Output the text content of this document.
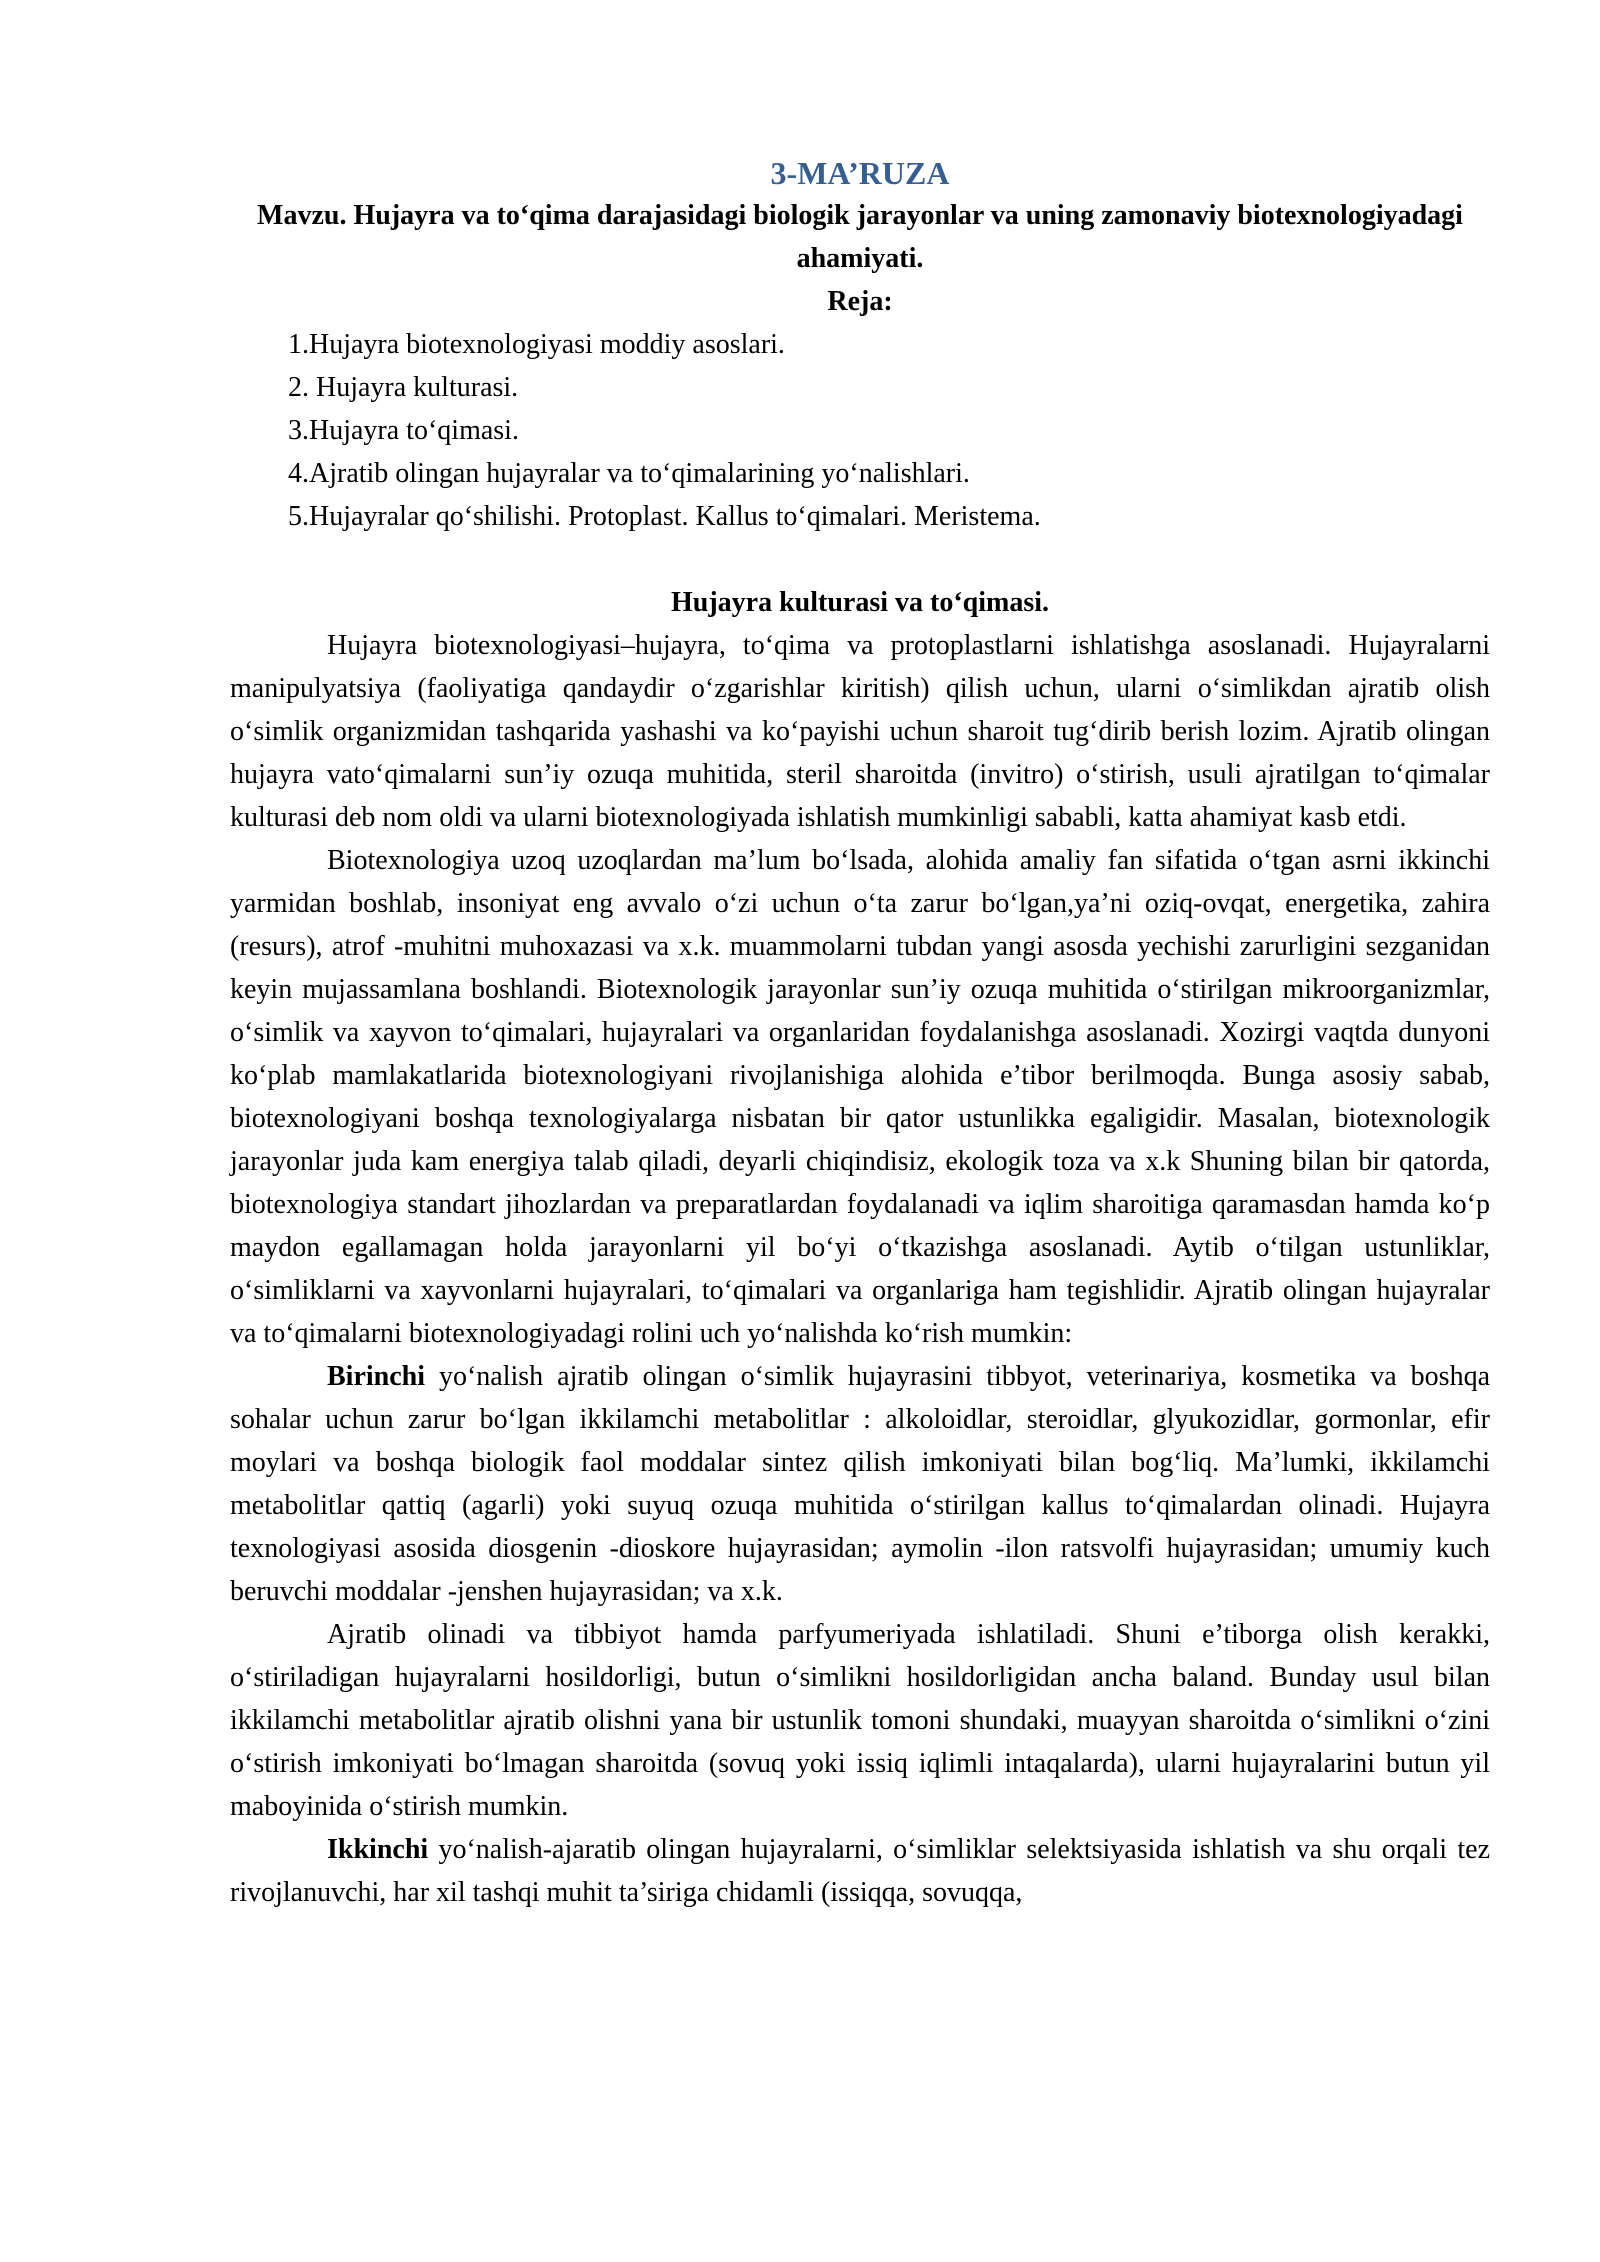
3-MA’RUZA

Mavzu. Hujayra va to‘qima darajasidagi biologik jarayonlar va uning zamonaviy biotexnologiyadagi ahamiyati.

Reja:

1.Hujayra biotexnologiyasi moddiy asoslari.
2. Hujayra kulturasi.
3.Hujayra to‘qimasi.
4.Ajratib olingan hujayralar va to‘qimalarining yo‘nalishlari.
5.Hujayralar qo‘shilishi. Protoplast. Kallus to‘qimalari. Meristema.
Hujayra kulturasi va to‘qimasi.

Hujayra biotexnologiyasi–hujayra, to‘qima va protoplastlarni ishlatishga asoslanadi. Hujayralarni manipulyatsiya (faoliyatiga qandaydir o‘zgarishlar kiritish) qilish uchun, ularni o‘simlikdan ajratib olish o‘simlik organizmidan tashqarida yashashi va ko‘payishi uchun sharoit tug‘dirib berish lozim. Ajratib olingan hujayra vato‘qimalarni sun’iy ozuqa muhitida, steril sharoitda (invitro) o‘stirish, usuli ajratilgan to‘qimalar kulturasi deb nom oldi va ularni biotexnologiyada ishlatish mumkinligi sababli, katta ahamiyat kasb etdi.

Biotexnologiya uzoq uzoqlardan ma’lum bo‘lsada, alohida amaliy fan sifatida o‘tgan asrni ikkinchi yarmidan boshlab, insoniyat eng avvalo o‘zi uchun o‘ta zarur bo‘lgan,ya’ni oziq-ovqat, energetika, zahira (resurs), atrof -muhitni muhoxazasi va x.k. muammolarni tubdan yangi asosda yechishi zarurligini sezganidan keyin mujassamlana boshlandi. Biotexnologik jarayonlar sun’iy ozuqa muhitida o‘stirilgan mikroorganizmlar, o‘simlik va xayvon to‘qimalari, hujayralari va organlaridan foydalanishga asoslanadi. Xozirgi vaqtda dunyoni ko‘plab mamlakatlarida biotexnologiyani rivojlanishiga alohida e’tibor berilmoqda. Bunga asosiy sabab, biotexnologiyani boshqa texnologiyalarga nisbatan bir qator ustunlikka egaligidir. Masalan, biotexnologik jarayonlar juda kam energiya talab qiladi, deyarli chiqindisiz, ekologik toza va x.k Shuning bilan bir qatorda, biotexnologiya standart jihozlardan va preparatlardan foydalanadi va iqlim sharoitiga qaramasdan hamda ko‘p maydon egallamagan holda jarayonlarni yil bo‘yi o‘tkazishga asoslanadi. Aytib o‘tilgan ustunliklar, o‘simliklarni va xayvonlarni hujayralari, to‘qimalari va organlariga ham tegishlidir. Ajratib olingan hujayralar va to‘qimalarni biotexnologiyadagi rolini uch yo‘nalishda ko‘rish mumkin:

Birinchi yo‘nalish ajratib olingan o‘simlik hujayrasini tibbyot, veterinariya, kosmetika va boshqa sohalar uchun zarur bo‘lgan ikkilamchi metabolitlar : alkoloidlar, steroidlar, glyukozidlar, gormonlar, efir moylari va boshqa biologik faol moddalar sintez qilish imkoniyati bilan bog‘liq. Ma’lumki, ikkilamchi metabolitlar qattiq (agarli) yoki suyuq ozuqa muhitida o‘stirilgan kallus to‘qimalardan olinadi. Hujayra texnologiyasi asosida diosgenin -dioskore hujayrasidan; aymolin -ilon ratsvolfi hujayrasidan; umumiy kuch beruvchi moddalar -jenshen hujayrasidan; va x.k.

Ajratib olinadi va tibbiyot hamda parfyumeriyada ishlatiladi. Shuni e’tiborga olish kerakki, o‘stiriladigan hujayralarni hosildorligi, butun o‘simlikni hosildorligidan ancha baland. Bunday usul bilan ikkilamchi metabolitlar ajratib olishni yana bir ustunlik tomoni shundaki, muayyan sharoitda o‘simlikni o‘zini o‘stirish imkoniyati bo‘lmagan sharoitda (sovuq yoki issiq iqlimli intaqalarda), ularni hujayralarini butun yil maboyinida o‘stirish mumkin.

Ikkinchi yo‘nalish-ajaratib olingan hujayralarni, o‘simliklar selektsiyasida ishlatish va shu orqali tez rivojlanuvchi, har xil tashqi muhit ta’siriga chidamli (issiqqa, sovuqqa,
